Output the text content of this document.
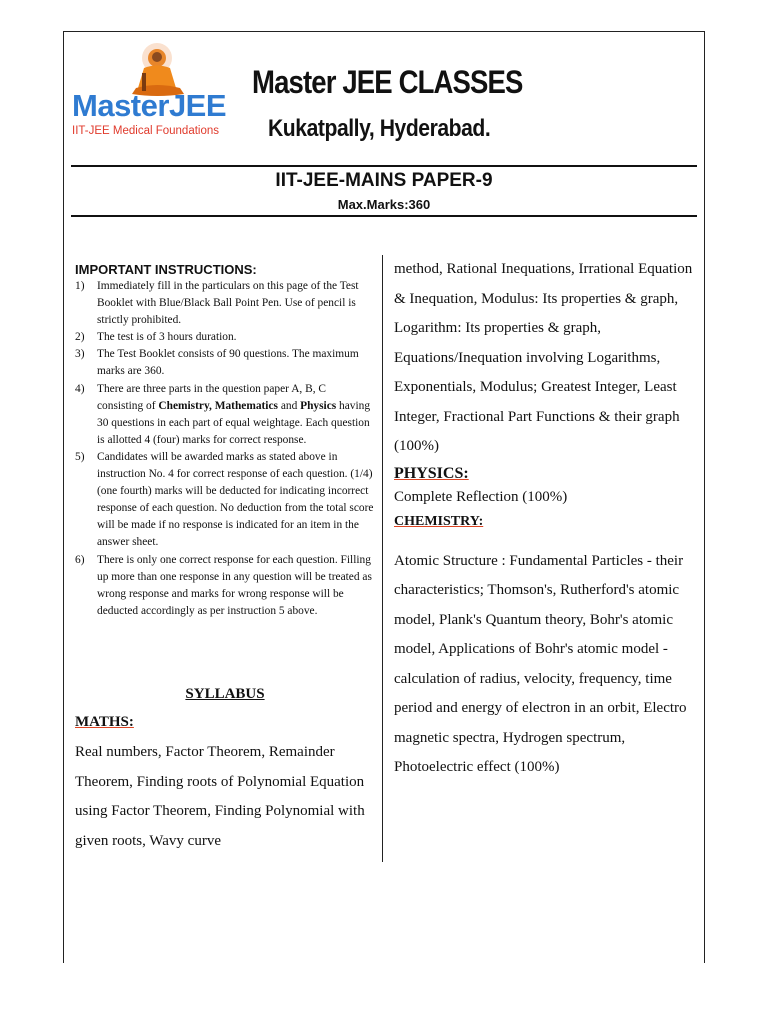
MasterJEE
IIT-JEE Medical Foundations
Master JEE CLASSES
Kukatpally, Hyderabad.
IIT-JEE-MAINS PAPER-9
Max.Marks:360
IMPORTANT INSTRUCTIONS:
1) Immediately fill in the particulars on this page of the Test Booklet with Blue/Black Ball Point Pen. Use of pencil is strictly prohibited.
2) The test is of 3 hours duration.
3) The Test Booklet consists of 90 questions. The maximum marks are 360.
4) There are three parts in the question paper A, B, C consisting of Chemistry, Mathematics and Physics having 30 questions in each part of equal weightage. Each question is allotted 4 (four) marks for correct response.
5) Candidates will be awarded marks as stated above in instruction No. 4 for correct response of each question. (1/4) (one fourth) marks will be deducted for indicating incorrect response of each question. No deduction from the total score will be made if no response is indicated for an item in the answer sheet.
6) There is only one correct response for each question. Filling up more than one response in any question will be treated as wrong response and marks for wrong response will be deducted accordingly as per instruction 5 above.
SYLLABUS
MATHS:
Real numbers, Factor Theorem, Remainder Theorem, Finding roots of Polynomial Equation using Factor Theorem, Finding Polynomial with given roots, Wavy curve

method, Rational Inequations, Irrational Equation & Inequation, Modulus: Its properties & graph, Logarithm: Its properties & graph, Equations/Inequation involving Logarithms, Exponentials, Modulus; Greatest Integer, Least Integer, Fractional Part Functions & their graph (100%)

PHYSICS:
Complete Reflection (100%)
CHEMISTRY:
Atomic Structure : Fundamental Particles - their characteristics; Thomson's, Rutherford's atomic model, Plank's Quantum theory, Bohr's atomic model, Applications of Bohr's atomic model - calculation of radius, velocity, frequency, time period and energy of electron in an orbit, Electro magnetic spectra, Hydrogen spectrum, Photoelectric effect (100%)
